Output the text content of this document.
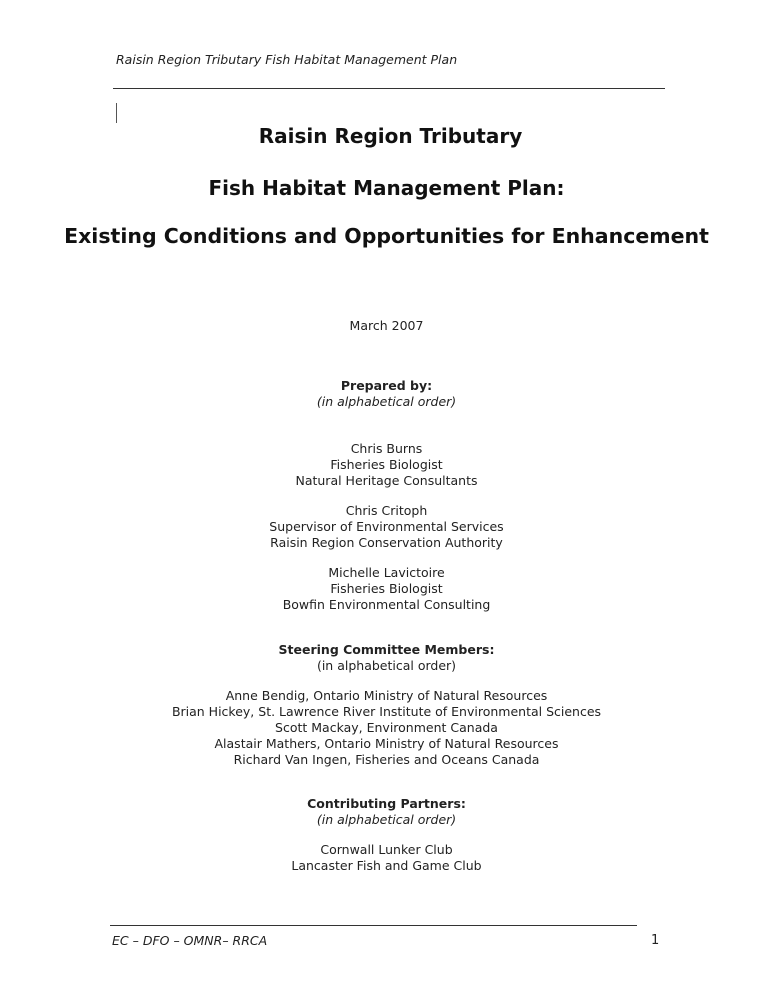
Raisin Region Tributary Fish Habitat Management Plan
Raisin Region Tributary
Fish Habitat Management Plan:
Existing Conditions and Opportunities for Enhancement
March 2007
Prepared by:
(in alphabetical order)
Chris Burns
Fisheries Biologist
Natural Heritage Consultants
Chris Critoph
Supervisor of Environmental Services
Raisin Region Conservation Authority
Michelle Lavictoire
Fisheries Biologist
Bowfin Environmental Consulting
Steering Committee Members:
(in alphabetical order)
Anne Bendig, Ontario Ministry of Natural Resources
Brian Hickey, St. Lawrence River Institute of Environmental Sciences
Scott Mackay, Environment Canada
Alastair Mathers, Ontario Ministry of Natural Resources
Richard Van Ingen, Fisheries and Oceans Canada
Contributing Partners:
(in alphabetical order)
Cornwall Lunker Club
Lancaster Fish and Game Club
EC – DFO – OMNR– RRCA	1
